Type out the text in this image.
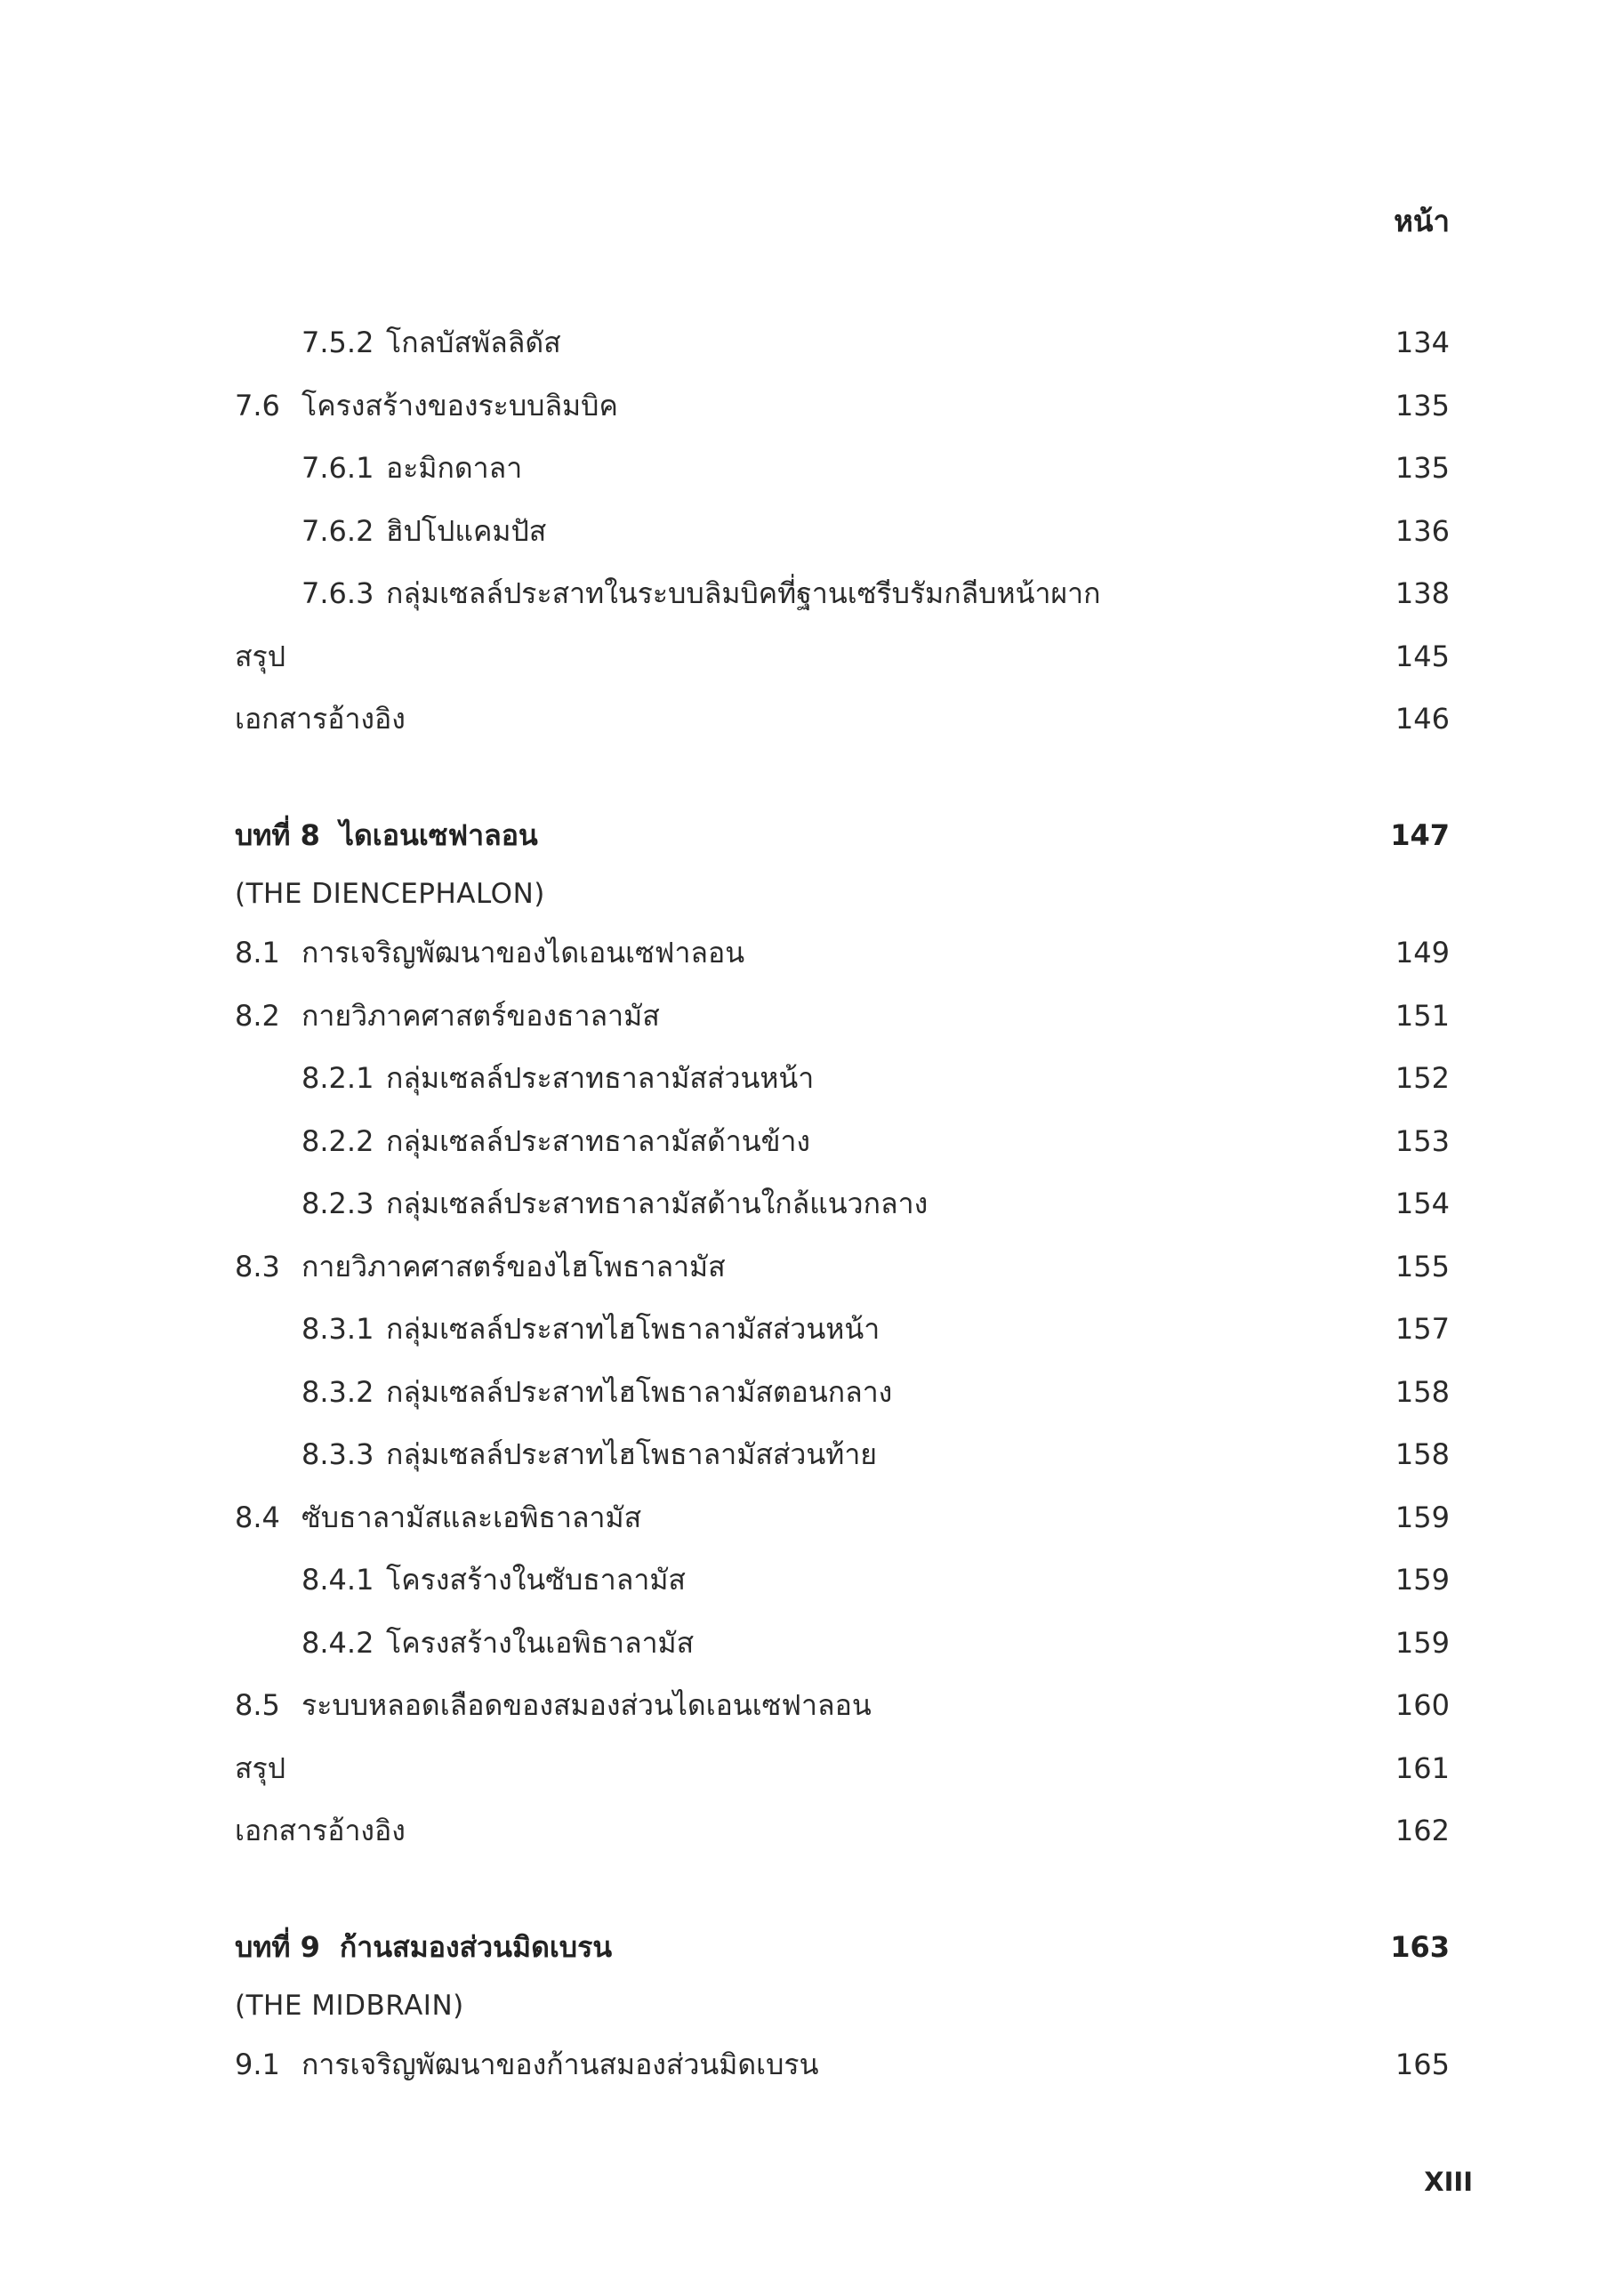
หน้า
7.5.2 โกลบัสพัลลิดัส	134
7.6 โครงสร้างของระบบลิมบิค	135
7.6.1 อะมิกดาลา	135
7.6.2 ฮิปโปแคมปัส	136
7.6.3 กลุ่มเซลล์ประสาทในระบบลิมบิคที่ฐานเซรีบรัมกลีบหน้าผาก	138
สรุป	145
เอกสารอ้างอิง	146
บทที่ 8 ไดเอนเซฟาลอน	147
(THE DIENCEPHALON)
8.1 การเจริญพัฒนาของไดเอนเซฟาลอน	149
8.2 กายวิภาคศาสตร์ของธาลามัส	151
8.2.1 กลุ่มเซลล์ประสาทธาลามัสส่วนหน้า	152
8.2.2 กลุ่มเซลล์ประสาทธาลามัสด้านข้าง	153
8.2.3 กลุ่มเซลล์ประสาทธาลามัสด้านใกล้แนวกลาง	154
8.3 กายวิภาคศาสตร์ของไฮโพธาลามัส	155
8.3.1 กลุ่มเซลล์ประสาทไฮโพธาลามัสส่วนหน้า	157
8.3.2 กลุ่มเซลล์ประสาทไฮโพธาลามัสตอนกลาง	158
8.3.3 กลุ่มเซลล์ประสาทไฮโพธาลามัสส่วนท้าย	158
8.4 ซับธาลามัสและเอพิธาลามัส	159
8.4.1 โครงสร้างในซับธาลามัส	159
8.4.2 โครงสร้างในเอพิธาลามัส	159
8.5 ระบบหลอดเลือดของสมองส่วนไดเอนเซฟาลอน	160
สรุป	161
เอกสารอ้างอิง	162
บทที่ 9 ก้านสมองส่วนมิดเบรน	163
(THE MIDBRAIN)
9.1 การเจริญพัฒนาของก้านสมองส่วนมิดเบรน	165
XIII
